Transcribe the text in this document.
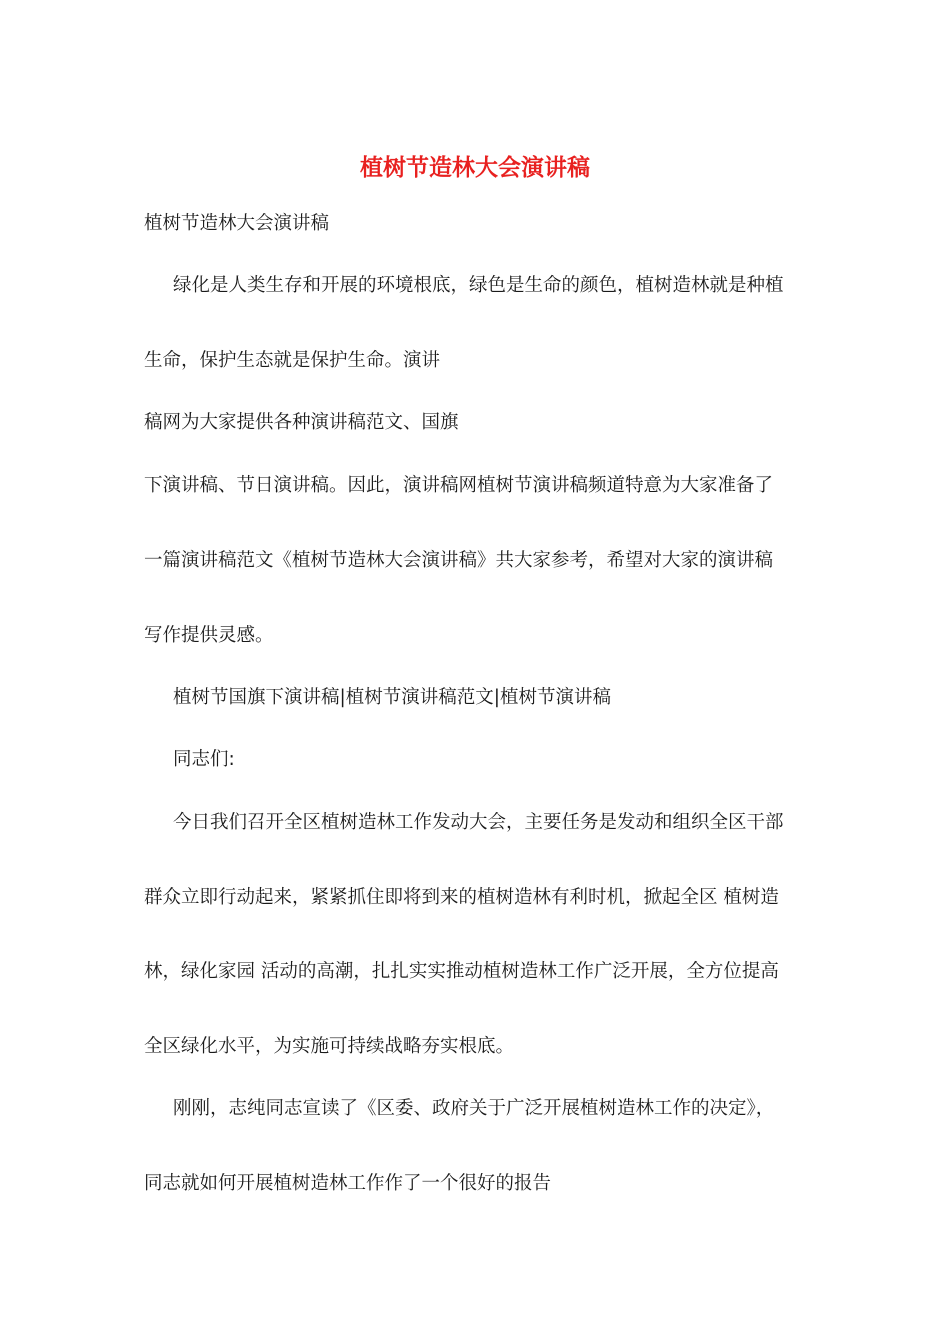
植树节造林大会演讲稿

植树节造林大会演讲稿

绿化是人类生存和开展的环境根底，绿色是生命的颜色，植树造林就是种植

生命，保护生态就是保护生命。演讲

稿网为大家提供各种演讲稿范文、国旗

下演讲稿、节日演讲稿。因此，演讲稿网植树节演讲稿频道特意为大家准备了

一篇演讲稿范文《植树节造林大会演讲稿》共大家参考，希望对大家的演讲稿

写作提供灵感。

植树节国旗下演讲稿|植树节演讲稿范文|植树节演讲稿

同志们:

今日我们召开全区植树造林工作发动大会，主要任务是发动和组织全区干部

群众立即行动起来，紧紧抓住即将到来的植树造林有利时机，掀起全区 植树造

林，绿化家园 活动的高潮，扎扎实实推动植树造林工作广泛开展，全方位提高

全区绿化水平，为实施可持续战略夯实根底。

刚刚，志纯同志宣读了《区委、政府关于广泛开展植树造林工作的决定》，

同志就如何开展植树造林工作作了一个很好的报告
